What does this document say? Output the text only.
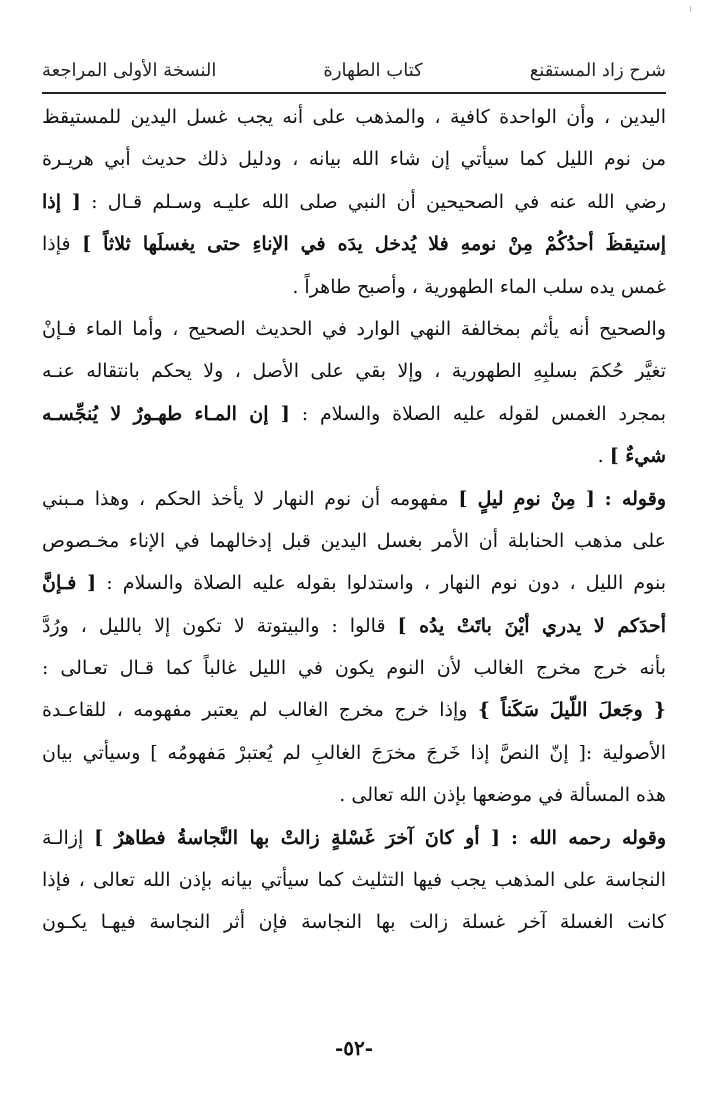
شرح زاد المستقنع
كتاب الطهارة
النسخة الأولى المراجعة
اليدين ، وأن الواحدة كافية ، والمذهب على أنه يجب غسل اليدين للمستيقظ
من نوم الليل كما سيأتي إن شاء الله بيانه ، ودليل ذلك حديث أبي هريـرة
رضي الله عنه في الصحيحين أن النبي صلى الله عليـه وسـلم قـال : [ إذا
إستيقظَ أحدُكُمْ مِنْ نومهِ فلا يُدخل يدَه في الإناءِ حتى يغسلَها ثلاثاً ] فإذا
غمس يده سلب الماء الطهورية ، وأصبح طاهراً .
والصحيح أنه يأثم بمخالفة النهي الوارد في الحديث الصحيح ، وأما الماء فـإنْ
تغيَّر حُكمَ بسلبِهِ الطهورية ، وإلا بقي على الأصل ، ولا يحكم بانتقاله عنـه
بمجرد الغمس لقوله عليه الصلاة والسلام : [ إن المـاء طهـورٌ لا يُنجِّسـه
شيءٌ ] .
وقوله : [ مِنْ نومِ ليلٍ ] مفهومه أن نوم النهار لا يأخذ الحكم ، وهذا مـبني
على مذهب الحنابلة أن الأمر بغسل اليدين قبل إدخالهما في الإناء مخـصوص
بنوم الليل ، دون نوم النهار ، واستدلوا بقوله عليه الصلاة والسلام : [ فـإنَّ
أحدَكم لا يدري أيْنَ باتَتْ يدُه ] قالوا : والبيتوتة لا تكون إلا بالليل ، ورُدَّ
بأنه خرج مخرج الغالب لأن النوم يكون في الليل غالباً كما قـال تعـالى :
{ وجَعلَ اللّيلَ سَكَناً } وإذا خرج مخرج الغالب لم يعتبر مفهومه ، للقاعـدة
الأصولية :[ إنّ النصَّ إذا خَرجَ مخرَجَ الغالبِ لم يُعتبرْ مَفهومُه ] وسيأتي بيان
هذه المسألة في موضعها بإذن الله تعالى .
وقوله رحمه الله : [ أو كانَ آخرَ غَسْلةٍ زالتْ بها النَّجاسةُ فطاهرٌ ] إزالـة
النجاسة على المذهب يجب فيها التثليث كما سيأتي بيانه بإذن الله تعالى ، فإذا
كانت الغسلة آخر غسلة زالت بها النجاسة فإن أثر النجاسة فيهـا يكـون
-٥٢-
